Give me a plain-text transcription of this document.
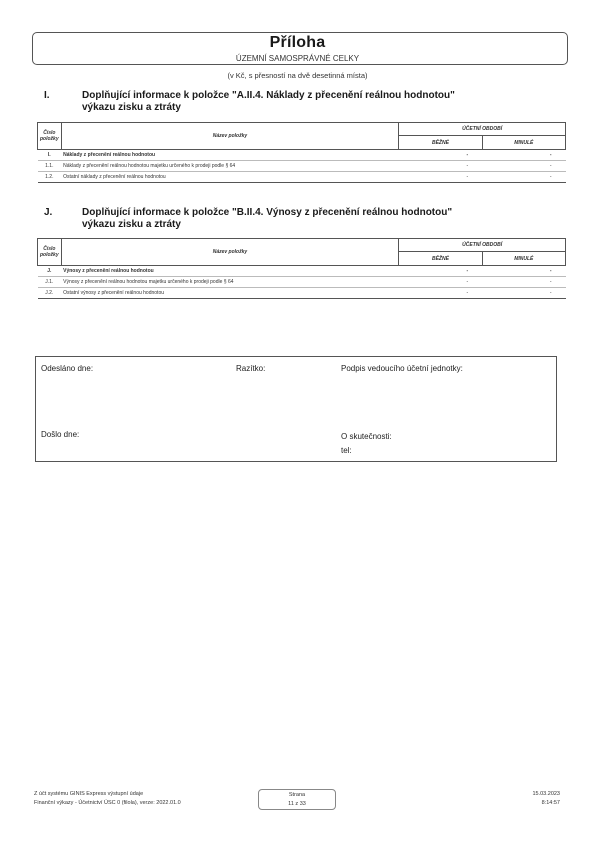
Příloha
ÚZEMNÍ SAMOSPRÁVNÉ CELKY
(v Kč, s přesností na dvě desetinná místa)
I.	Doplňující informace k položce "A.II.4. Náklady z přecenění reálnou hodnotou"
výkazu zisku a ztráty
Číslo položky	Název položky	ÚČETNÍ OBDOBÍ	
		BĚŽNÉ	MINULÉ
I.	Náklady z přecenění reálnou hodnotou	-	-
1.1.	Náklady z přecenění reálnou hodnotou majetku určeného k prodeji podle § 64	-	-
1.2.	Ostatní náklady z přecenění reálnou hodnotou	-	-
J.	Doplňující informace k položce "B.II.4. Výnosy z přecenění reálnou hodnotou"
výkazu zisku a ztráty
Číslo položky	Název položky	ÚČETNÍ OBDOBÍ	
		BĚŽNÉ	MINULÉ
J.	Výnosy z přecenění reálnou hodnotou	-	-
J.1.	Výnosy z přecenění reálnou hodnotou majetku určeného k prodeji podle § 64	-	-
J.2.	Ostatní výnosy z přecenění reálnou hodnotou	-	-
Odesláno dne:	Razítko:	Podpis vedoucího účetní jednotky:
Došlo dne:	O skutečnosti:
tel:
Z účt systému GINIS Express výstupní údaje
Finanční výkazy - Účetnictví ÚSC 0 (filola), verze: 2022.01.0
Strana
11 z 33
15.03.2023
8:14:57
